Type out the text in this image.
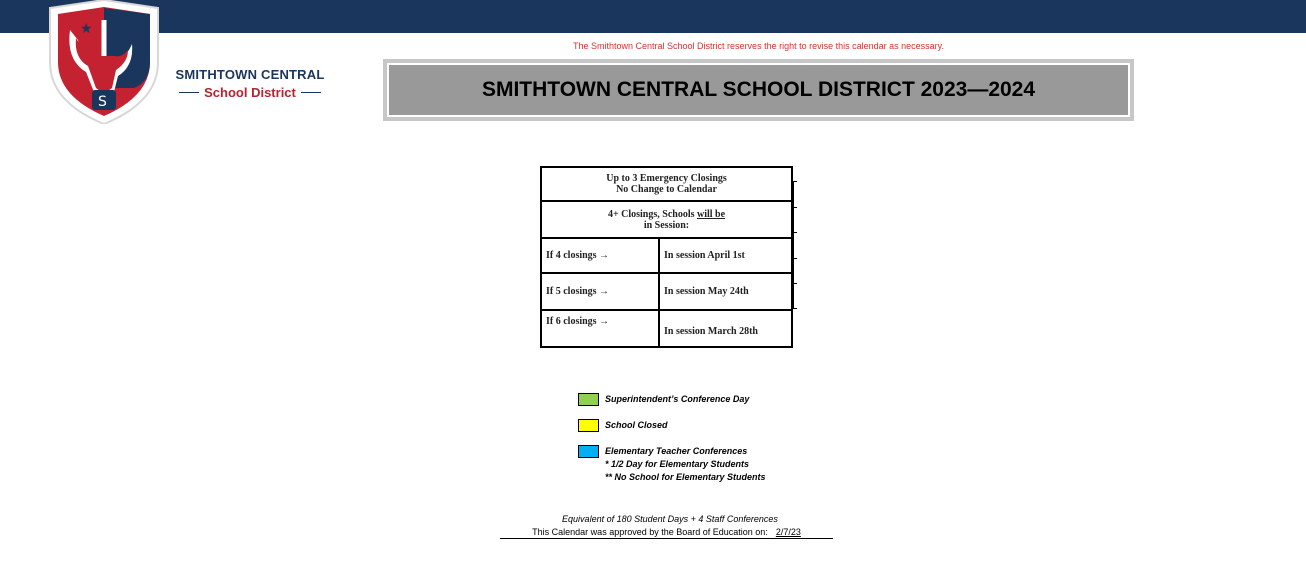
★
S
SMITHTOWN CENTRAL
School District
The Smithtown Central School District reserves the right to revise this calendar as necessary.
SMITHTOWN CENTRAL SCHOOL DISTRICT 2023—2024
Up to 3 Emergency Closings
No Change to Calendar	

4+ Closings, Schools will be
in Session:	

If 4 closings →	In session April 1st
If 5 closings →	In session May 24th
If 6 closings →	In session March 28th
Superintendent’s Conference Day
School Closed
Elementary Teacher Conferences
* 1/2 Day for Elementary Students
** No School for Elementary Students
Equivalent of 180 Student Days + 4 Staff Conferences
This Calendar was approved by the Board of Education on: 2/7/23
